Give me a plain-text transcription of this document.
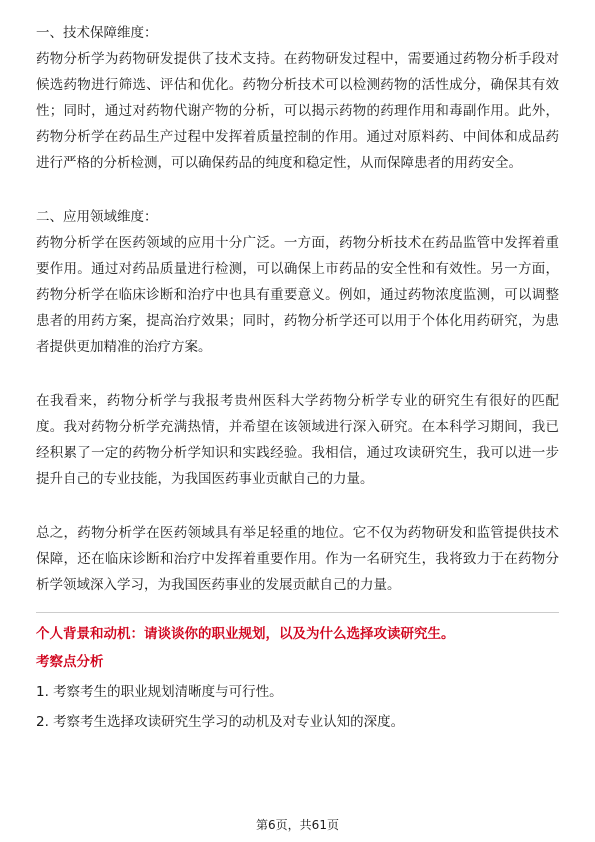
一、技术保障维度：

药物分析学为药物研发提供了技术支持。在药物研发过程中，需要通过药物分析手段对候选药物进行筛选、评估和优化。药物分析技术可以检测药物的活性成分，确保其有效性；同时，通过对药物代谢产物的分析，可以揭示药物的药理作用和毒副作用。此外，药物分析学在药品生产过程中发挥着质量控制的作用。通过对原料药、中间体和成品药进行严格的分析检测，可以确保药品的纯度和稳定性，从而保障患者的用药安全。

二、应用领域维度：

药物分析学在医药领域的应用十分广泛。一方面，药物分析技术在药品监管中发挥着重要作用。通过对药品质量进行检测，可以确保上市药品的安全性和有效性。另一方面，药物分析学在临床诊断和治疗中也具有重要意义。例如，通过药物浓度监测，可以调整患者的用药方案，提高治疗效果；同时，药物分析学还可以用于个体化用药研究，为患者提供更加精准的治疗方案。

在我看来，药物分析学与我报考贵州医科大学药物分析学专业的研究生有很好的匹配度。我对药物分析学充满热情，并希望在该领域进行深入研究。在本科学习期间，我已经积累了一定的药物分析学知识和实践经验。我相信，通过攻读研究生，我可以进一步提升自己的专业技能，为我国医药事业贡献自己的力量。

总之，药物分析学在医药领域具有举足轻重的地位。它不仅为药物研发和监管提供技术保障，还在临床诊断和治疗中发挥着重要作用。作为一名研究生，我将致力于在药物分析学领域深入学习，为我国医药事业的发展贡献自己的力量。

个人背景和动机：请谈谈你的职业规划，以及为什么选择攻读研究生。

考察点分析

1. 考察考生的职业规划清晰度与可行性。

2. 考察考生选择攻读研究生学习的动机及对专业认知的深度。

第6页，共61页
